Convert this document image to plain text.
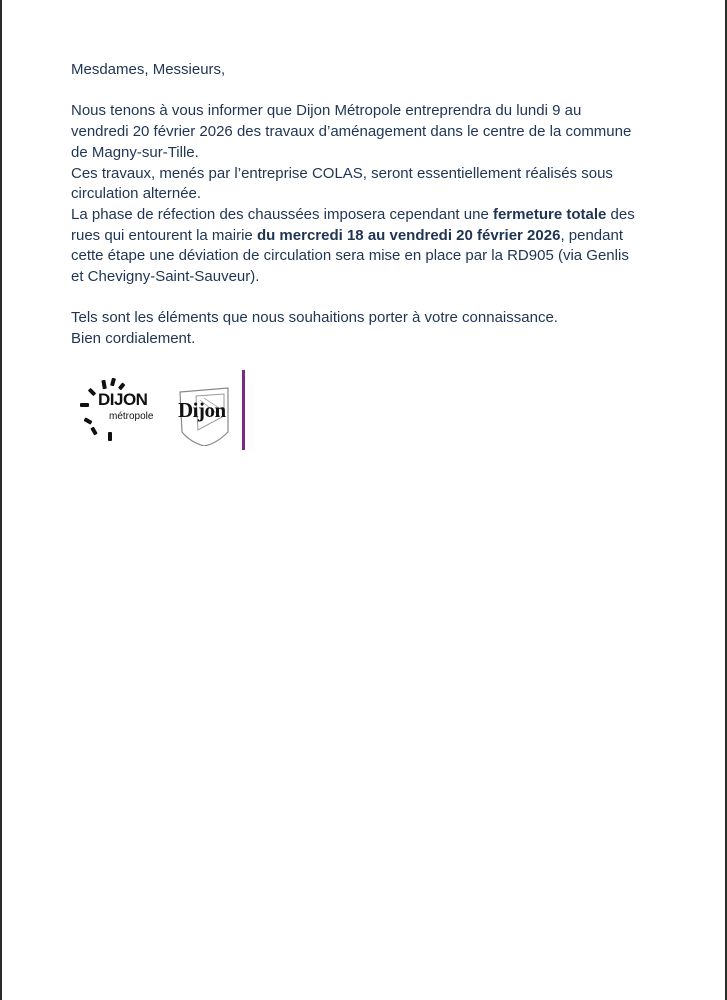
Mesdames, Messieurs,

Nous tenons à vous informer que Dijon Métropole entreprendra du lundi 9 au

vendredi 20 février 2026 des travaux d’aménagement dans le centre de la commune

de Magny-sur-Tille.

Ces travaux, menés par l’entreprise COLAS, seront essentiellement réalisés sous

circulation alternée.

La phase de réfection des chaussées imposera cependant une fermeture totale des

rues qui entourent la mairie du mercredi 18 au vendredi 20 février 2026, pendant

cette étape une déviation de circulation sera mise en place par la RD905 (via Genlis

et Chevigny-Saint-Sauveur).

Tels sont les éléments que nous souhaitions porter à votre connaissance.

Bien cordialement.

DIJON
métropole Dijon
